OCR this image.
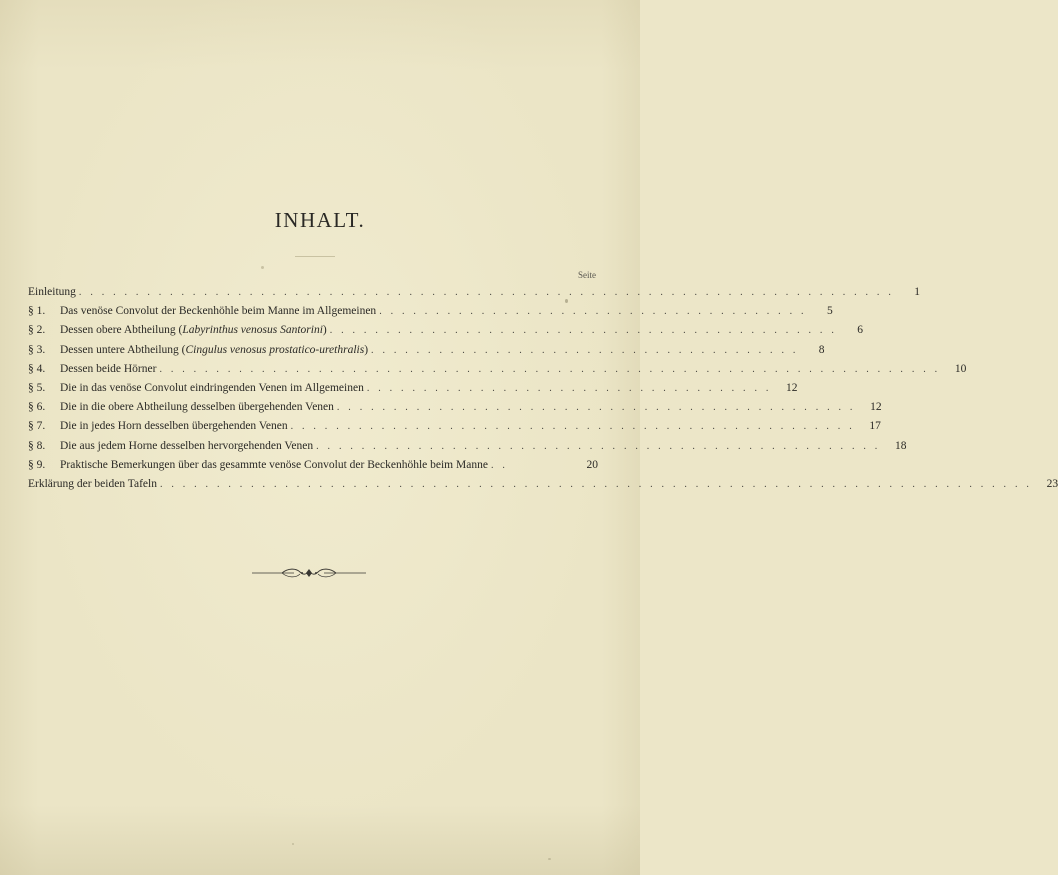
INHALT.
Seite
Einleitung . . . . . . . . . . . . . . . . . . . . . . . . . . . . . . . . . . . . . . . . . . . . . . . . . . . . . . . . . . . . . . . . . . . . . . . .	1
§ 1.	Das venöse Convolut der Beckenhöhle beim Manne im Allgemeinen . . . . . . . . . . . . . . . . . . . . . . . . . . . . . . . . . . . . . .	5
§ 2.	Dessen obere Abtheilung (Labyrinthus venosus Santorini) . . . . . . . . . . . . . . . . . . . . . . . . . . . . . . . . . . . . . . . . . . . . .	6
§ 3.	Dessen untere Abtheilung (Cingulus venosus prostatico-urethralis) . . . . . . . . . . . . . . . . . . . . . . . . . . . . . . . . . . . . . .	8
§ 4.	Dessen beide Hörner . . . . . . . . . . . . . . . . . . . . . . . . . . . . . . . . . . . . . . . . . . . . . . . . . . . . . . . . . . . . . . . . . . . . .	10
§ 5.	Die in das venöse Convolut eindringenden Venen im Allgemeinen . . . . . . . . . . . . . . . . . . . . . . . . . . . . . . . . . . . .	12
§ 6.	Die in die obere Abtheilung desselben übergehenden Venen . . . . . . . . . . . . . . . . . . . . . . . . . . . . . . . . . . . . . . . . . . . . . .	12
§ 7.	Die in jedes Horn desselben übergehenden Venen . . . . . . . . . . . . . . . . . . . . . . . . . . . . . . . . . . . . . . . . . . . . . . . . . .	17
§ 8.	Die aus jedem Horne desselben hervorgehenden Venen . . . . . . . . . . . . . . . . . . . . . . . . . . . . . . . . . . . . . . . . . . . . . . . . . .	18
§ 9.	Praktische Bemerkungen über das gesammte venöse Convolut der Beckenhöhle beim Manne . .	20
Erklärung der beiden Tafeln . . . . . . . . . . . . . . . . . . . . . . . . . . . . . . . . . . . . . . . . . . . . . . . . . . . . . . . . . . . . . . . . . . . . . . . . . . . . .	23
